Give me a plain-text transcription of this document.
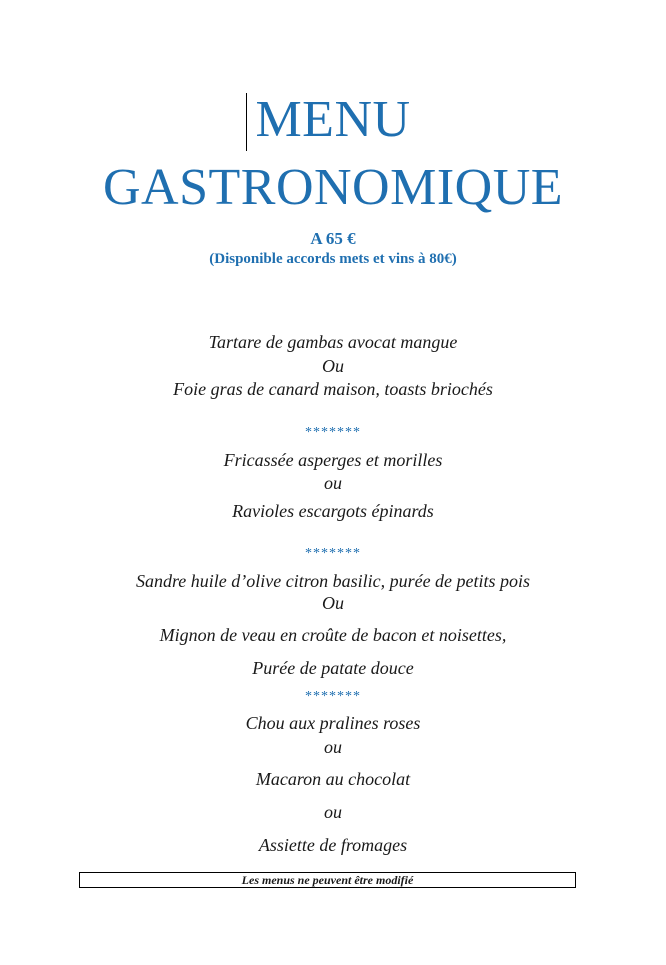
MENU
GASTRONOMIQUE
A 65 €
(Disponible accords mets et vins à 80€)
Tartare de gambas avocat mangue
Ou
Foie gras de canard maison, toasts briochés
*******
Fricassée asperges et morilles
ou
Ravioles escargots épinards
*******
Sandre huile d’olive citron basilic, purée de petits pois
Ou
Mignon de veau en croûte de bacon et noisettes,
Purée de patate douce
*******
Chou aux pralines roses
ou
Macaron au chocolat
ou
Assiette de fromages
Les menus ne peuvent être modifié
